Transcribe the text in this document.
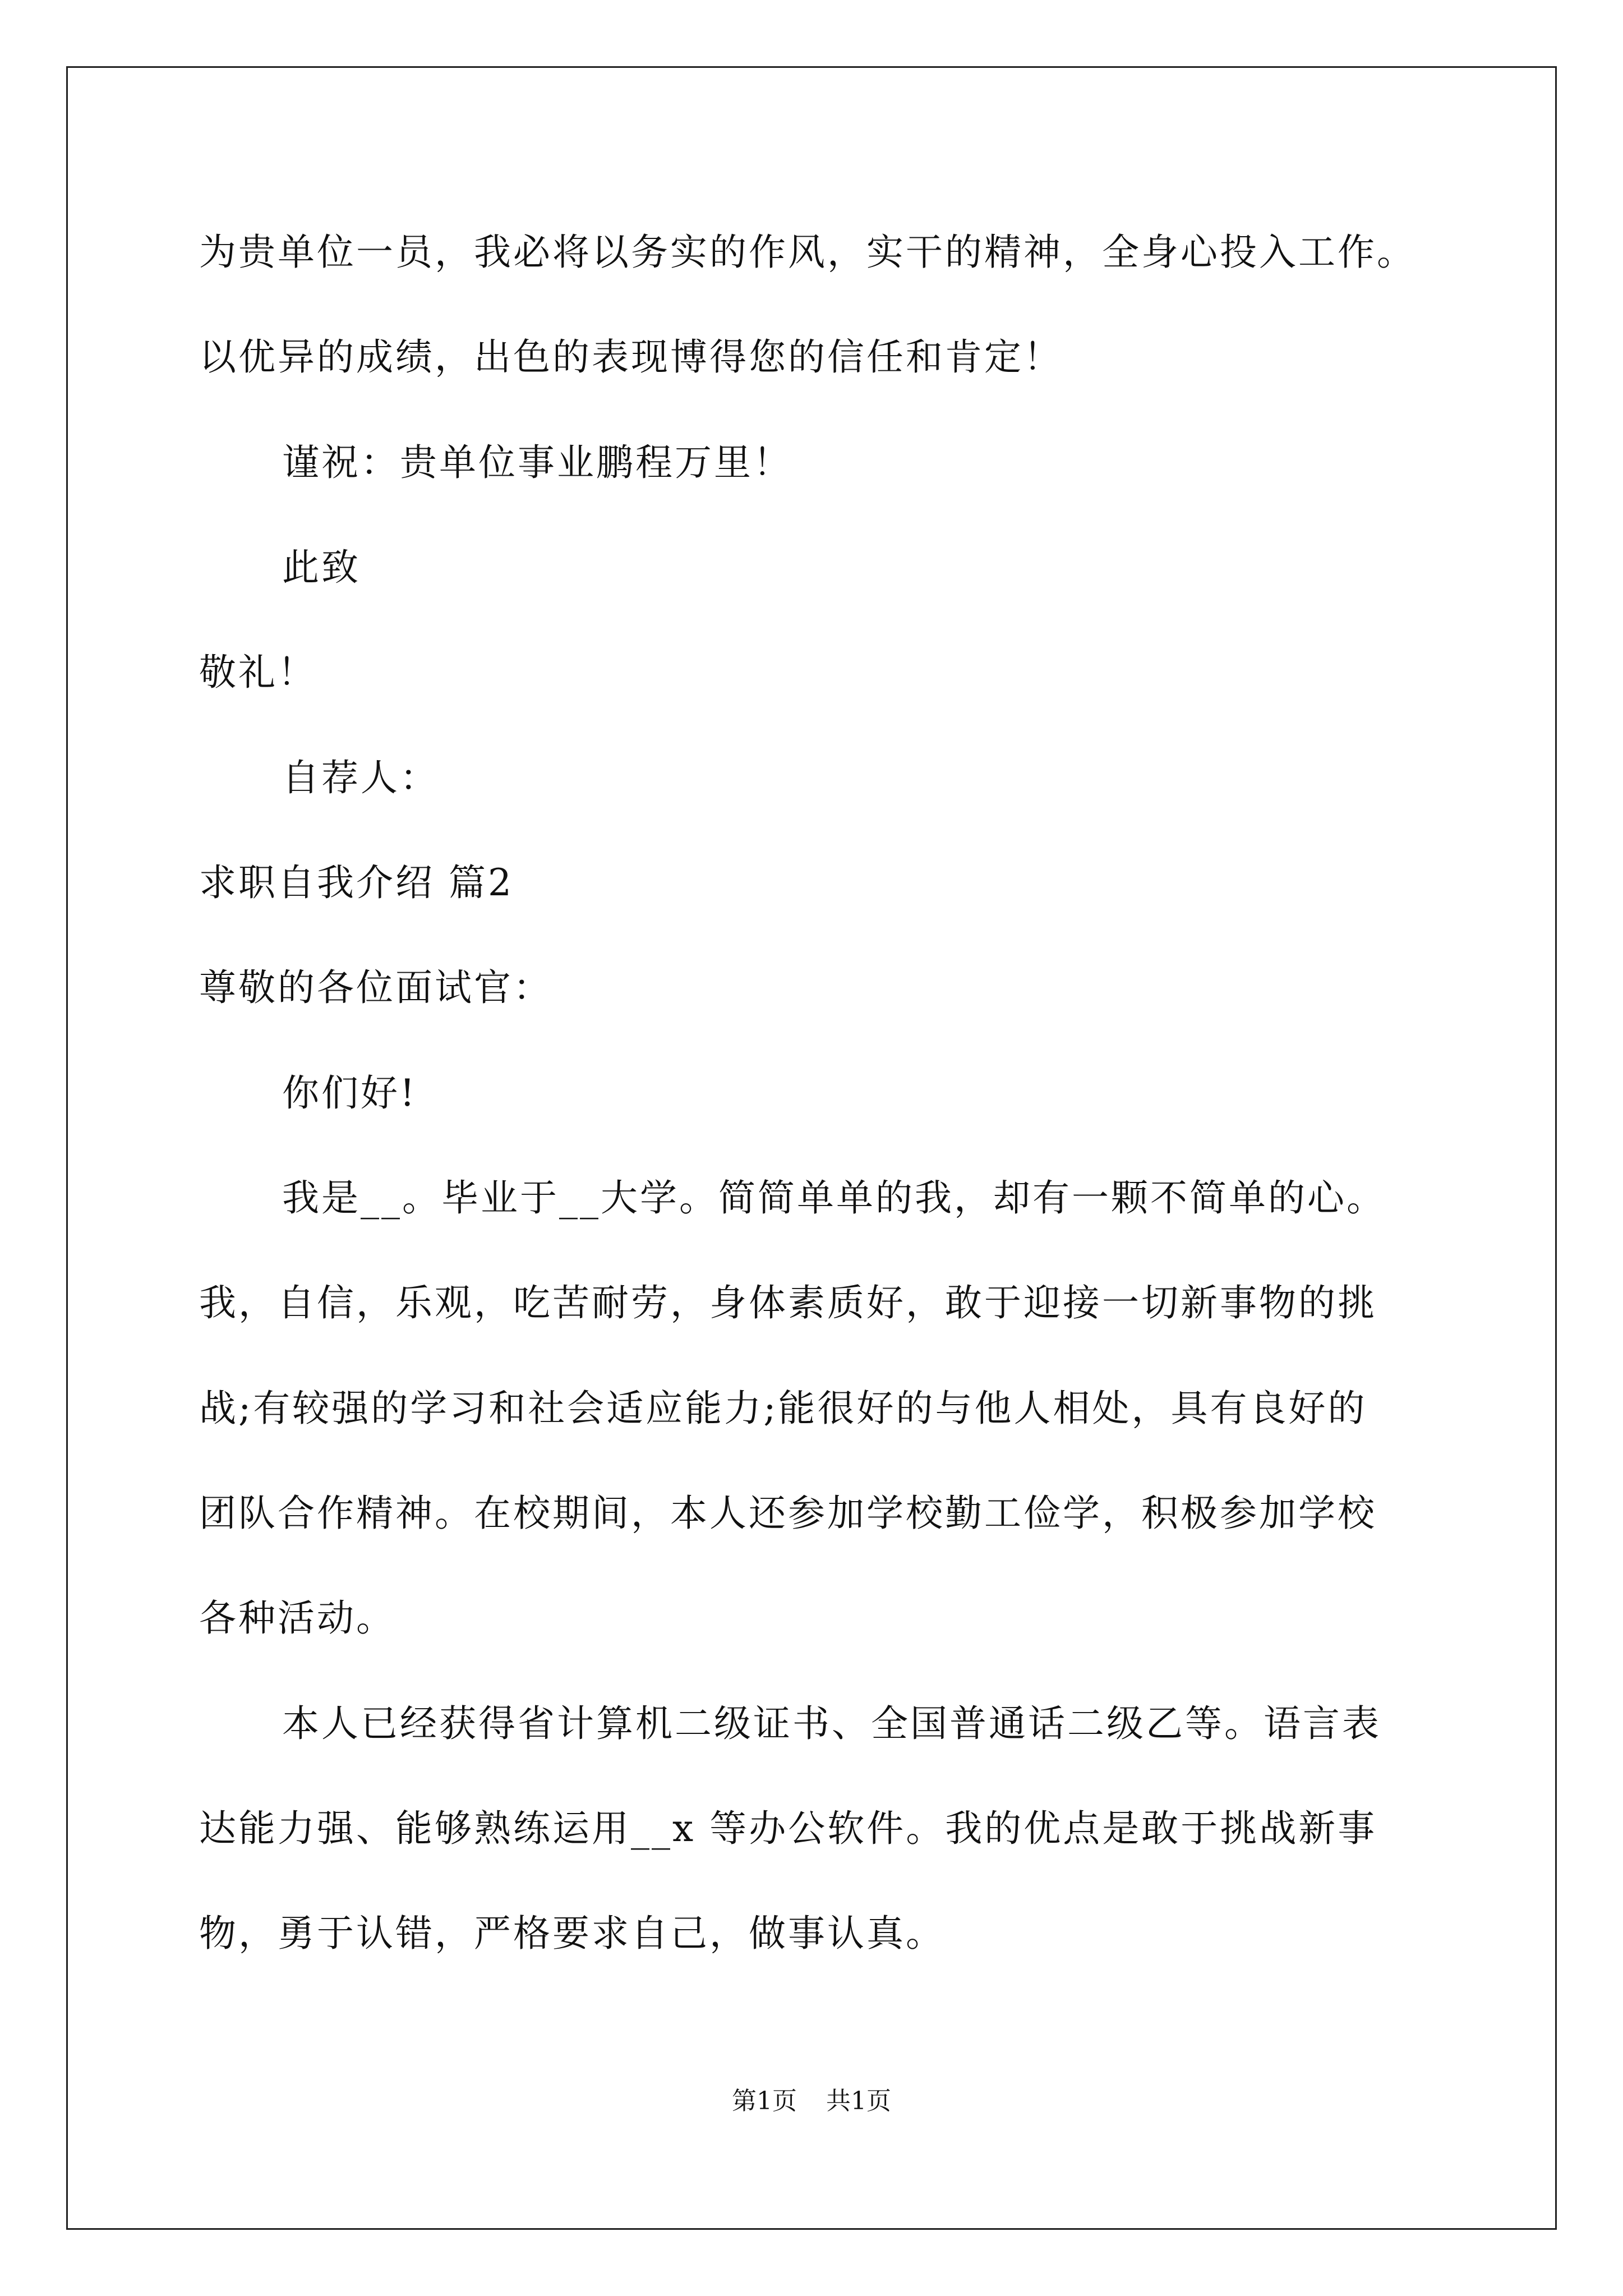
为贵单位一员，我必将以务实的作风，实干的精神，全身心投入工作。
以优异的成绩，出色的表现博得您的信任和肯定！
谨祝：贵单位事业鹏程万里！
此致
敬礼！
自荐人：
求职自我介绍 篇2
尊敬的各位面试官：
你们好!
我是__。毕业于__大学。简简单单的我，却有一颗不简单的心。
我，自信，乐观，吃苦耐劳，身体素质好，敢于迎接一切新事物的挑
战;有较强的学习和社会适应能力;能很好的与他人相处，具有良好的
团队合作精神。在校期间，本人还参加学校勤工俭学，积极参加学校
各种活动。
本人已经获得省计算机二级证书、全国普通话二级乙等。语言表
达能力强、能够熟练运用__x 等办公软件。我的优点是敢于挑战新事
物，勇于认错，严格要求自己，做事认真。
第1页 共1页
